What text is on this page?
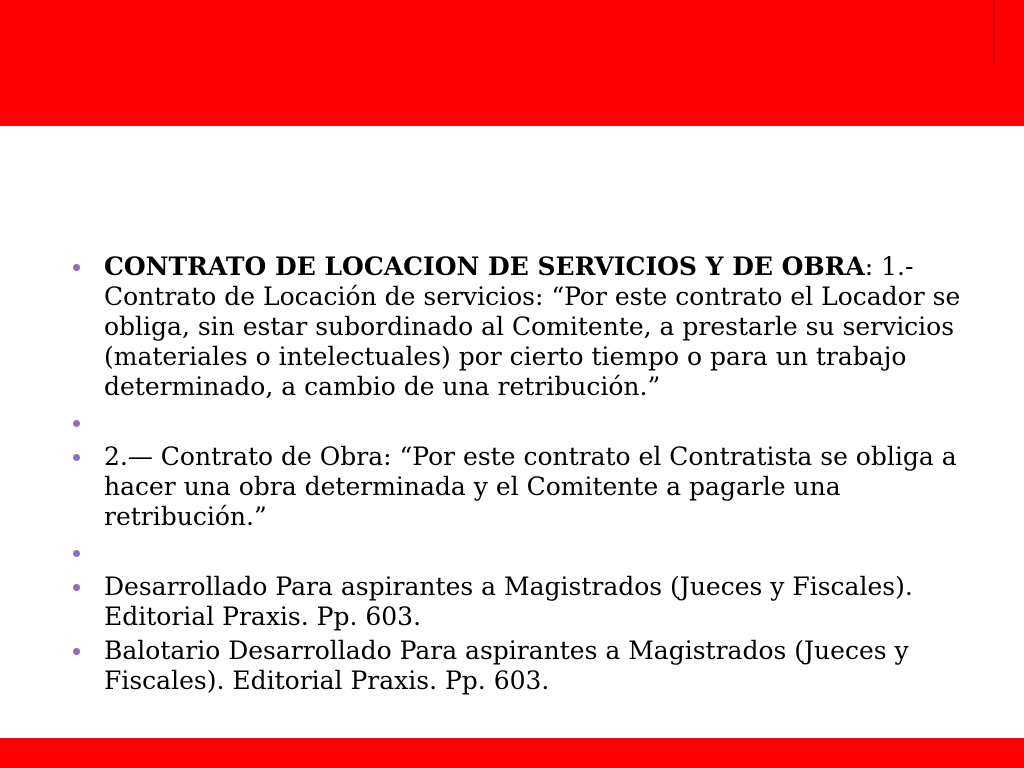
CONTRATO DE LOCACION DE SERVICIOS Y DE OBRA: 1.- Contrato de Locación de servicios: “Por este contrato el Locador se obliga, sin estar subordinado al Comitente, a prestarle su servicios (materiales o intelectuales) por cierto tiempo o para un trabajo determinado, a cambio de una retribución.”
2.— Contrato de Obra: “Por este contrato el Contratista se obliga a hacer una obra determinada y el Comitente a pagarle una retribución.”
Desarrollado Para aspirantes a Magistrados (Jueces y Fiscales). Editorial Praxis. Pp. 603.
Balotario Desarrollado Para aspirantes a Magistrados (Jueces y Fiscales). Editorial Praxis. Pp. 603.
